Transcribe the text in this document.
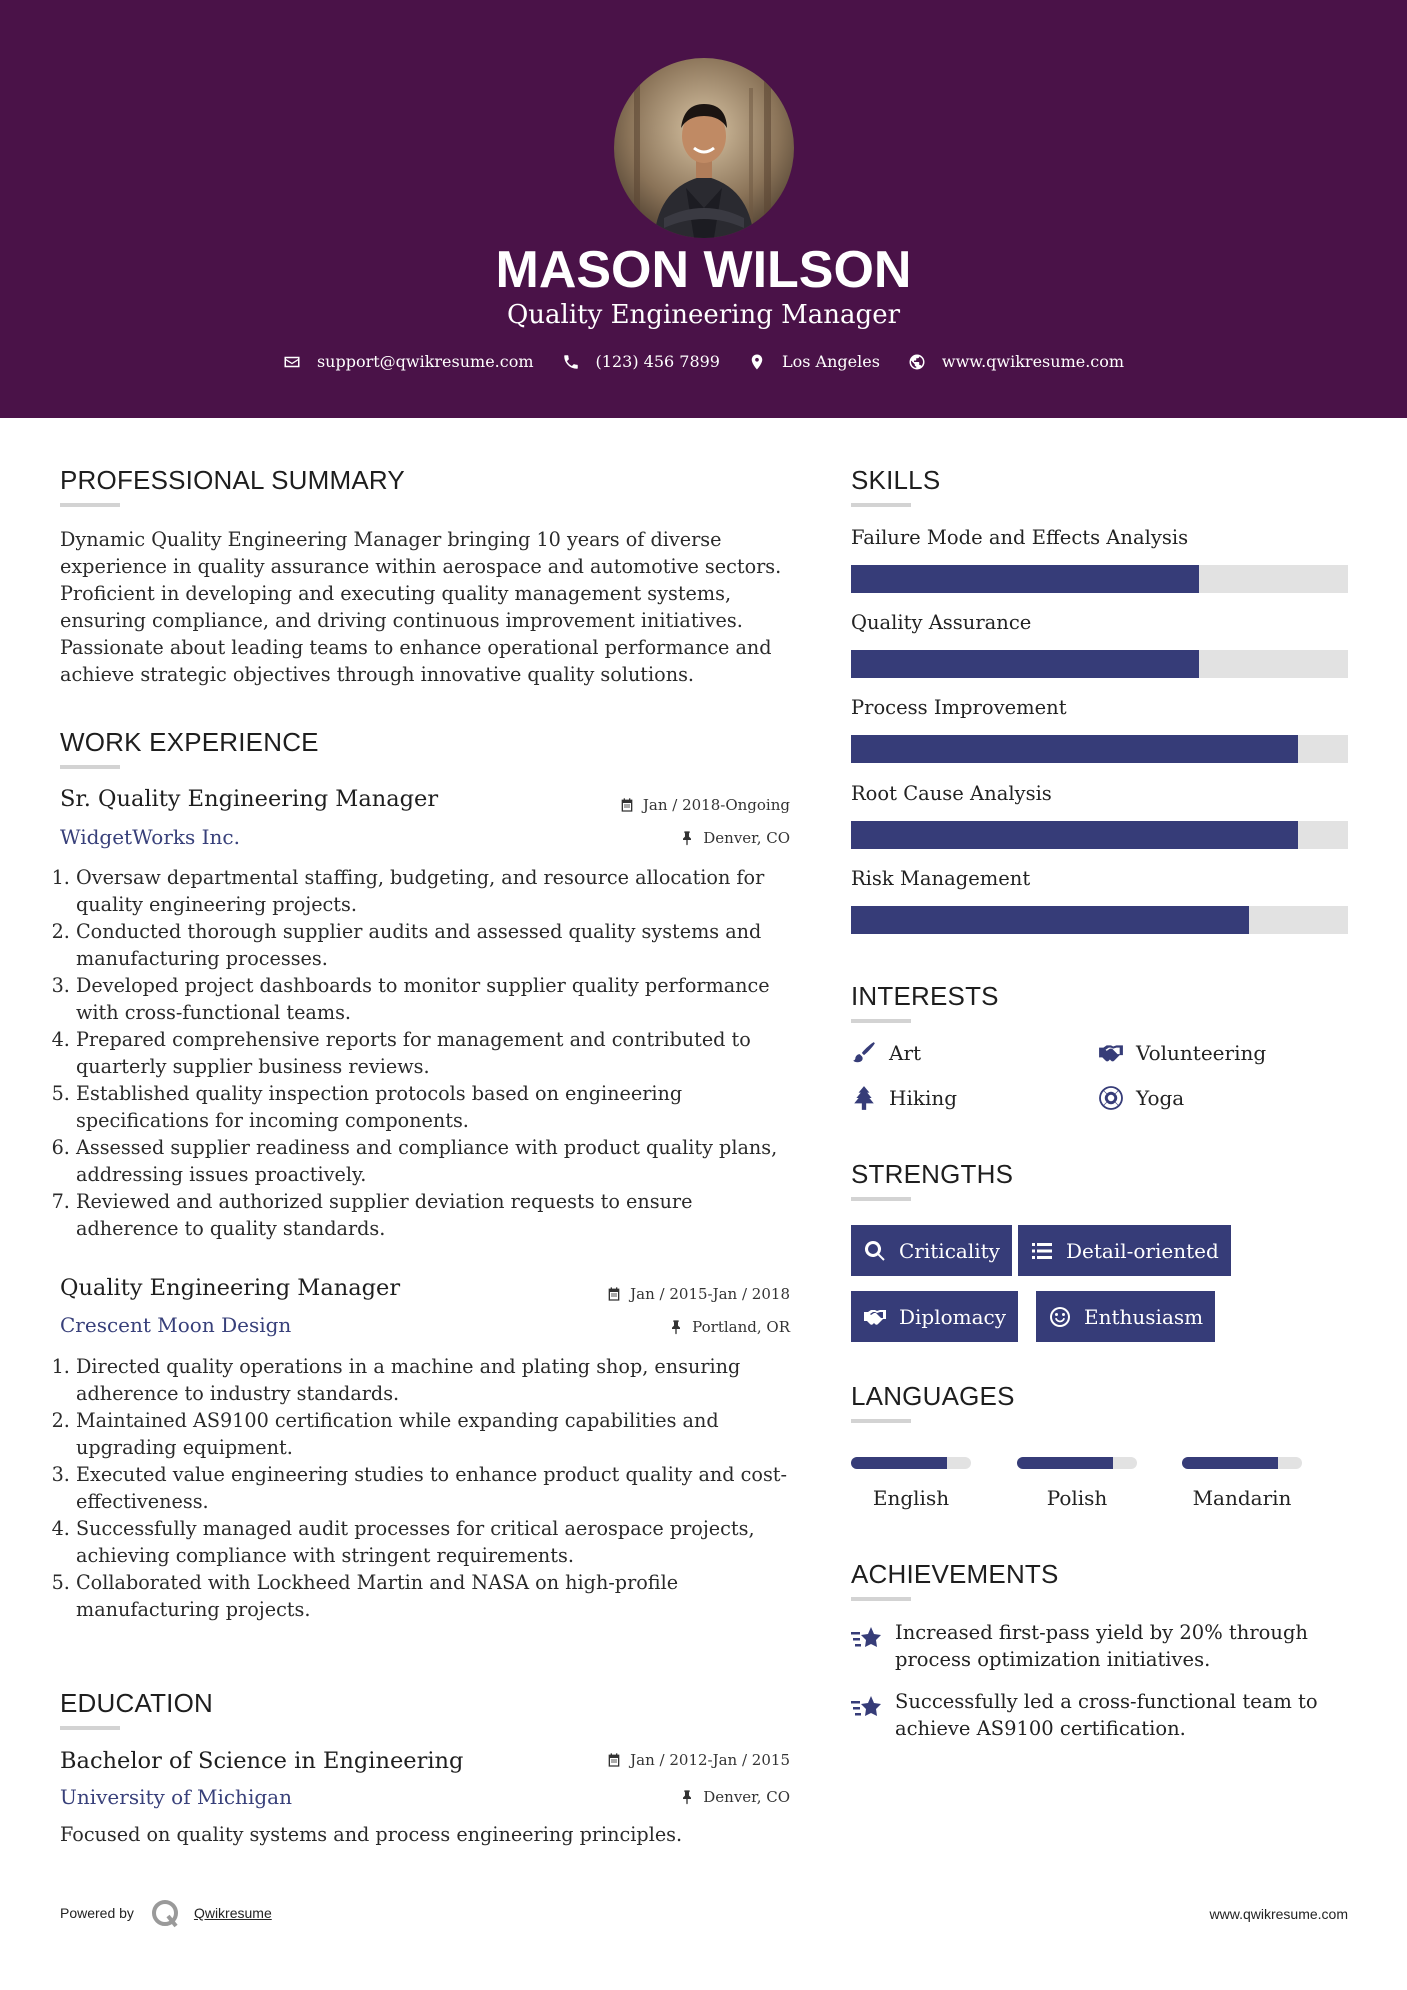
MASON WILSON
Quality Engineering Manager
support@qwikresume.com	(123) 456 7899	Los Angeles	www.qwikresume.com
PROFESSIONAL SUMMARY
Dynamic Quality Engineering Manager bringing 10 years of diverse experience in quality assurance within aerospace and automotive sectors. Proficient in developing and executing quality management systems, ensuring compliance, and driving continuous improvement initiatives. Passionate about leading teams to enhance operational performance and achieve strategic objectives through innovative quality solutions.
WORK EXPERIENCE
Sr. Quality Engineering Manager	Jan / 2018-Ongoing
WidgetWorks Inc.	Denver, CO
1. Oversaw departmental staffing, budgeting, and resource allocation for quality engineering projects.
2. Conducted thorough supplier audits and assessed quality systems and manufacturing processes.
3. Developed project dashboards to monitor supplier quality performance with cross-functional teams.
4. Prepared comprehensive reports for management and contributed to quarterly supplier business reviews.
5. Established quality inspection protocols based on engineering specifications for incoming components.
6. Assessed supplier readiness and compliance with product quality plans, addressing issues proactively.
7. Reviewed and authorized supplier deviation requests to ensure adherence to quality standards.
Quality Engineering Manager	Jan / 2015-Jan / 2018
Crescent Moon Design	Portland, OR
1. Directed quality operations in a machine and plating shop, ensuring adherence to industry standards.
2. Maintained AS9100 certification while expanding capabilities and upgrading equipment.
3. Executed value engineering studies to enhance product quality and cost-effectiveness.
4. Successfully managed audit processes for critical aerospace projects, achieving compliance with stringent requirements.
5. Collaborated with Lockheed Martin and NASA on high-profile manufacturing projects.
EDUCATION
Bachelor of Science in Engineering	Jan / 2012-Jan / 2015
University of Michigan	Denver, CO
Focused on quality systems and process engineering principles.
SKILLS
Failure Mode and Effects Analysis
Quality Assurance
Process Improvement
Root Cause Analysis
Risk Management
INTERESTS
Art	Volunteering
Hiking	Yoga
STRENGTHS
Criticality	Detail-oriented
Diplomacy	Enthusiasm
LANGUAGES
English	Polish	Mandarin
ACHIEVEMENTS
Increased first-pass yield by 20% through process optimization initiatives.
Successfully led a cross-functional team to achieve AS9100 certification.
Powered by	Qwikresume	www.qwikresume.com
